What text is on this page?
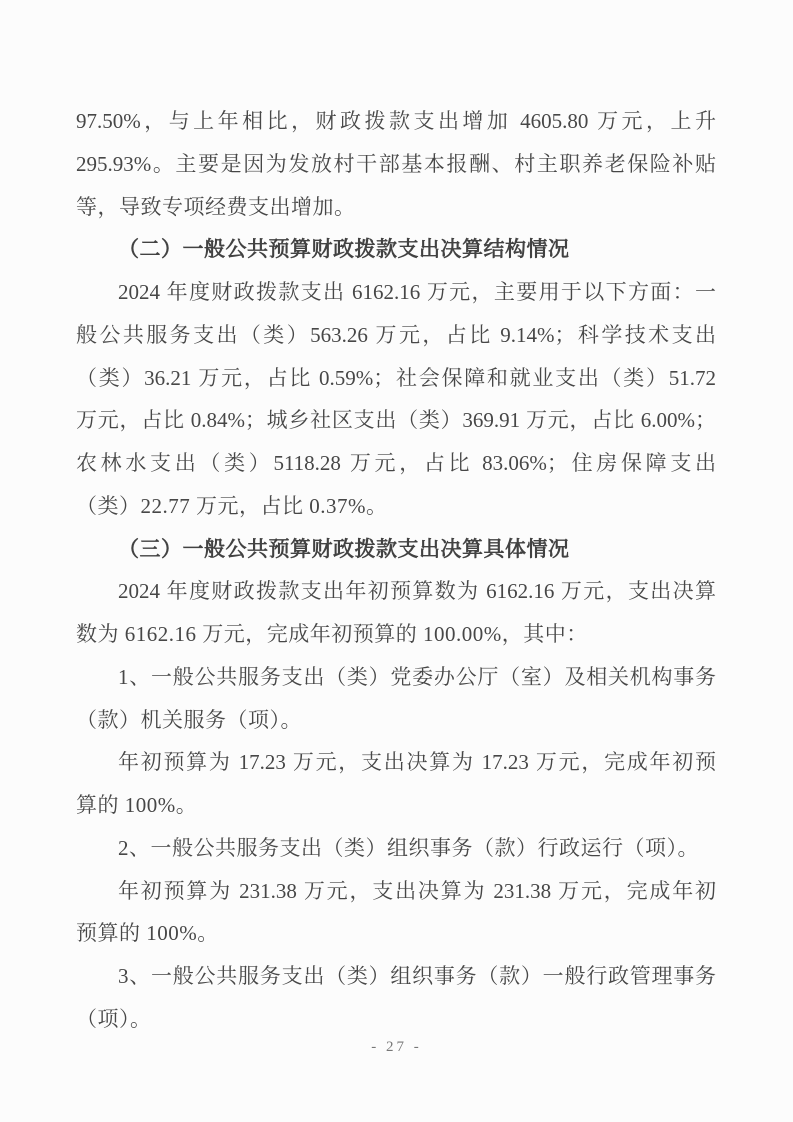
97.50%，与上年相比，财政拨款支出增加 4605.80 万元，上升
295.93%。主要是因为发放村干部基本报酬、村主职养老保险补贴
等，导致专项经费支出增加。
（二）一般公共预算财政拨款支出决算结构情况
2024 年度财政拨款支出 6162.16 万元，主要用于以下方面：一
般公共服务支出（类）563.26 万元，占比 9.14%；科学技术支出
（类）36.21 万元，占比 0.59%；社会保障和就业支出（类）51.72
万元，占比 0.84%；城乡社区支出（类）369.91 万元，占比 6.00%；
农林水支出（类）5118.28 万元，占比 83.06%；住房保障支出
（类）22.77 万元，占比 0.37%。
（三）一般公共预算财政拨款支出决算具体情况
2024 年度财政拨款支出年初预算数为 6162.16 万元，支出决算
数为 6162.16 万元，完成年初预算的 100.00%，其中：
1、一般公共服务支出（类）党委办公厅（室）及相关机构事务
（款）机关服务（项）。
年初预算为 17.23 万元，支出决算为 17.23 万元，完成年初预
算的 100%。
2、一般公共服务支出（类）组织事务（款）行政运行（项）。
年初预算为 231.38 万元，支出决算为 231.38 万元，完成年初
预算的 100%。
3、一般公共服务支出（类）组织事务（款）一般行政管理事务
（项）。
- 27 -
